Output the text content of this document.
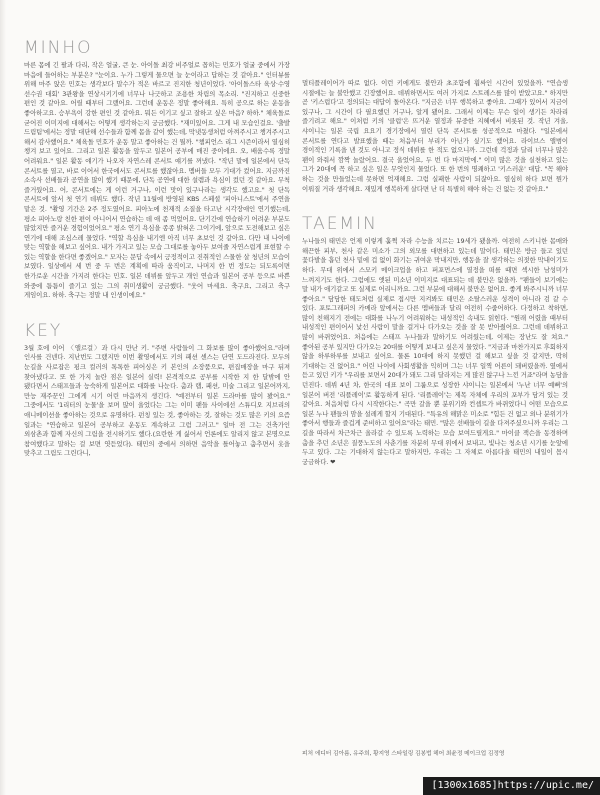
MINHO

마른 몸에 긴 팔과 다리, 작은 얼굴, 큰 눈. 아이돌 최강 비주얼로 꼽히는 민호가 얼굴 중에서 가장 마음에 들어하는 부분은? "눈이요. 누가 그렇게 물으면 늘 눈이라고 답하는 것 같아요." 인터뷰를 위해 마주 앉은 민호는 생각보다 말수가 적은 바르고 진지한 청년이었다. '아이돌스타 육상·수영 선수권 대회' 3관왕을 연상시키기에 너무나 나긋하고 조용한 차림의 목소리. "진지하고 신중한 편인 것 같아요. 어릴 때부터 그랬어요. 그런데 운동은 정말 좋아해요. 특히 공으로 하는 운동을 좋아하고요. 승부욕이 강한 편인 것 같아요. 뭐든 이기고 싶고 잘하고 싶은 마음? 하하." 체육돌로 굳어진 이미지에 대해서는 어떻게 생각하는지 궁금했다. "재미있어요. 그게 내 모습인걸요. '출발 드림팀'에서는 정말 대단해 선수들과 함께 몸을 같이 했는데, 막냇동생처럼 아껴주시고 챙겨주시고 해서 감사했어요." 체육돌 민호가 운동 말고 좋아하는 건 뭘까. "챔피언스 리그 시즌이라서 열심히 챙겨 보고 있어요. 그리고 일본 활동을 앞두고 일본어 공부에 매진 중이에요. 오, 배움수록 정말 어려워요." 일본 활동 얘기가 나오자 자연스레 콘서트 얘기를 꺼냈다. "작년 말에 일본에서 단독 콘서트를 열고, 바로 이어서 한국에서도 콘서트를 했잖아요. 멤버들 모두 기대가 컸어요. 지금까진 소속사 선배들과 공연을 많이 했기 때문에, 단독 공연에 대한 설렘과 욕심이 컸던 것 같아요. 무척 즐거웠어요. 어, 콘서트에는 게 이런 거구나, 이런 맛이 있구나라는 생각도 했고요." 첫 단독 콘서트에 앞서 첫 연기 데뷔도 했다. 작년 11월에 방영된 KBS 스페셜 '피아니스트'에서 주연을 맡은 것. "촬영 기간은 2주 정도였어요. 피아노에 천재적 소질을 타고난 시각장애인 연기했는데, 평소 피아노랑 친한 편이 아니어서 연습하는 데 애 좀 먹었어요. 단기간에 연습하기 어려운 부분도 많았지만 즐거운 경험이었어요." 평소 연기 욕심을 종종 밝혀온 그이기에, 앞으로 도전해보고 싶은 연기에 대해 조심스레 물었다. "역할 욕심을 내기엔 아직 너무 초보인 것 같아요. 다만 내 나이에 맞는 역할을 해보고 싶어요. 내가 가지고 있는 모습 그대로를 놓아두 보여줄 자연스럽게 표현할 수 있는 역할을 한다면 좋겠어요." 모자는 문답 속에서 긍정적이고 진취적인 스물한 살 청년의 모습이 보였다. 일상에서 세 번 중 두 번은 계획에 따라 움직이고, 나머지 한 번 정도는 되도록이면 한가로운 시간을 가지려 한다는 민호. 일본 데뷔를 앞두고 개인 연습과 일본어 공부 등으로 바쁜 와중에 틈틈이 즐기고 있는 그의 취미생활이 궁금했다. "웃어 마세요. 축구요, 그리고 축구 게임이요. 하하. 축구는 정말 내 인생이에요."

KEY

3월 호에 이어 〈앨르걸〉과 다시 만난 키. "주변 사람들이 그 화보를 많이 좋아했어요."라며 인사를 건넨다. 지난번도 그랬지만 이번 촬영에서도 키의 패션 센스는 단연 도드라진다. 모두의 눈길을 사로잡은 핑크 컬러의 톡톡한 피어싱은 키 본인의 소장품으로, 편집매장을 마구 뒤져 찾아냈다고. 또 한 가지 놀란 점은 일본어 실력! 본격적으로 공부를 시작한 지 한 달밖에 안 됐다면서 스태프들과 능숙하게 일본어로 대화를 나눈다. 춤과 랩, 패션, 미술 그리고 일본어까지, 만능 재주꾼인 그에게 시기 어린 마음까지 생긴다. "예전부터 일본 드라마를 많이 봤어요." 그중에서도 '1리터의 눈물'을 보며 많이 울었다는 그는 이미 팬들 사이에선 스튜디오 지브리의 애니메이션을 좋아하는 것으로 유명하다. 펀칭 있는 것, 좋아하는 것, 잘하는 것도 많은 키의 요즘 일과는 "연습하고 일본어 공부하고 운동도 계속하고 그럼 그러고." 일마 전 그는 건축가인 외삼촌과 함께 자신의 그림을 전시하기도 했다.(요란한 게 싫어서 언론에도 알리지 않고 본명으로 참여했다고 말하는 걸 보면 엿듣었다). 태민의 중에서 의하면 음악을 틀어놓고 춤추면서 옷을 맞추고 그림도 그린다니,

멀티플레이어가 따로 없다. 이런 키에게도 불안과 초조함에 휩싸인 시간이 있었을까. "연습생 시절에는 늘 불안했고 긴장했어요. 데뷔하면서도 여러 가지로 스트레스를 많이 받았고요." 하지만 곧 '키스럽다'고 정의되는 대답이 돌아온다. "지금은 너무 행복하고 좋아요. 그때가 있어서 지금이 있구나, 그 시간이 다 필요했던 거구나, 알게 됐어요. 그래서 이제는 무슨 일이 생기든 차라리 즐기려고 해요." 이처럼 키의 '클럽'은 뜨거운 열정과 뮤중한 지혜에서 비롯된 것. 작년 겨울, 샤이니는 일본 국립 요요기 경기장에서 열린 단독 콘서트를 성공적으로 마쳤다. "일본에서 콘서트를 연다고 발표했을 때는 처음부터 부리가 아닌가 싶기도 했어요. 라이브스 앨범이 경이적인 기록을 낸 것도 아니고 정식 데뷔를 한 적도 없으니까. 그런데 걱정과 달리 너무나 많은 팬이 와줘서 깜짝 놀랐어요. 결국 울었어요, 두 번 다 마지막에." 이미 많은 것을 실천하고 있는 그가 20대에 꼭 하고 싶은 일은 무엇인지 물었다. 또 한 번의 명쾌하고 '키스러운' 대답. "꼭 해야 하는 것을 만들었는데 못하면 억재해요. 그럼 실패한 사람이 되잖아요. 열심히 하다 보면 뭔가 이뤄질 거라 생각해요. 재밌게 행복하게 살다면 난 더 특별히 해야 하는 건 없는 것 같아요."

TAEMIN

누나들의 태민은 언제 이렇게 훌쩍 자라 수능을 치르는 19세가 됐을까. 여전히 스키니한 몸매와 해끈한 피부, 천사 같은 미소가 그의 외모를 대변하고 있는데 말이다. 태민은 방금 들고 있던 꽃다발을 흡던 천사 밑에 겁 없이 화기는 귀여운 막내지만, 행동을 잘 생각하는 의젓한 막내이기도 하다. 무대 위에서 스모키 메이크업을 하고 퍼포먼스에 열정을 떠를 때면 섹시한 남성미가 느껴지기도 한다. 그럼에도 앳된 미소년 이미지로 대표되는 데 불만은 없을까. "팬들이 보기에는 말 내가 애기같고 또 실제로 어리니까요. 그런 부분에 대해서 불만은 없어요. 좋게 봐주시니까 너무 좋아요." 담담한 태도처럼 실제로 접시만 지켜봐도 태민은 소탈스러운 성격이 아니라 검 같 수 있다. 포토그래퍼의 카메라 앞에서는 다른 멤버들과 달리 여전히 수줍어하다. 다정하고 착하면, 많이 친해지기 전에는 대화를 나누기 어려워하는 내성적인 속내도 읽힌다. "원래 어렸을 때부터 내성적인 편이어서 낯선 사람이 말을 걸거나 다가오는 것을 잘 못 받아줬어요. 그런데 데뷔하고 많이 바뀌었어요. 처음에는 스태프 누나들과 말하기도 어려웠는데, 이제는 장난도 잘 쳐요." 좋아된 공부 있지만 다가오는 20대를 어떻게 보내고 싶은지 물었다. "지금과 마찬가지로 후회하지 않을 하루하루를 보내고 싶어요. 물론 10대에 하지 못했던 걸 해보고 싶을 것 같지만, 딱히 기대하는 건 없어요." 어린 나이에 사회생활을 익히며 그는 너무 일찍 어른이 돼버렸을까. 옆에서 듣고 있던 키가 "우리를 보면서 20대가 돼도 그리 달라지는 게 많진 않구나 느낀 거죠"라며 농담을 던진다. 데뷔 4년 차, 한국의 대표 보이 그룹으로 성장한 샤이니는 일본에서 '누난 너무 예뻐'의 일본어 버전 '리플레이'로 활동하게 된다. '리플레이'는 제목 자체에 우리의 포부가 담겨 있는 것 같아요. 처음처럼 다시 시작한다는." 곡만 갈을 뿐 분위기와 컨셉트가 바뀌었다니 어떤 모습으로 일본 누나 팬들의 맘을 설레게 할지 기대된다. "특유의 해맑은 미소로 "힘든 건 없고 외나 분위기가 좋아서 행들과 즐겁게 준비하고 있어요"라는 태민. "많은 선배들이 길을 다져주셨으니까 우리는 그 길을 따라서 차근차근 올라갈 수 있도록 노력하는 모습 보여드릴게요." 마이클 잭슨을 동경하며 춤을 추던 소년은 질풍노도의 사춘기를 자분히 무대 위에서 보내고, 빛나는 청소년 시기를 눈앞에 두고 있다. 그는 기대하지 않는다고 말하지만, 우리는 그 자체로 아름다울 태민의 내일이 몹시 궁금하다. ❤

피처 에디터 김아름, 유주희, 황지영 스타일링 김봉법 헤어 최윤정 메이크업 김정영
[1300x1685]https://upic.me/
